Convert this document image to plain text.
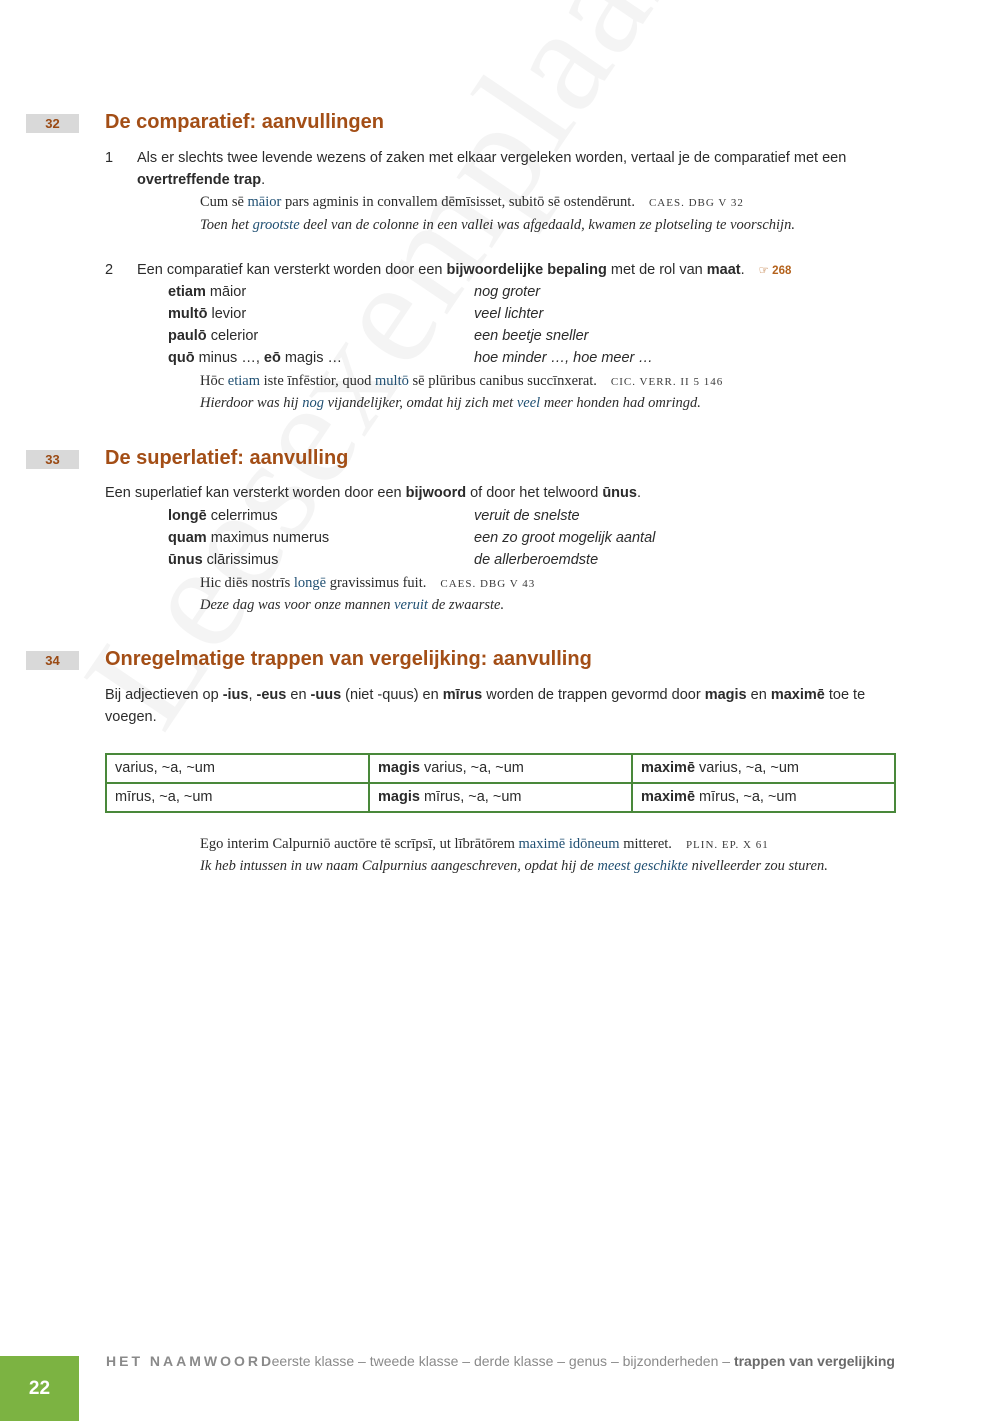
32	De comparatief: aanvullingen
1 Als er slechts twee levende wezens of zaken met elkaar vergeleken worden, vertaal je de comparatief met een
overtreffende trap.
Cum sē māior pars agminis in convallem dēmīsisset, subitō sē ostendērunt. CAES. DBG V 32
Toen het grootste deel van de colonne in een vallei was afgedaald, kwamen ze plotseling te voorschijn.
2 Een comparatief kan versterkt worden door een bijwoordelijke bepaling met de rol van maat. ☞ 268
etiam māior	nog groter
multō levior	veel lichter
paulō celerior	een beetje sneller
quō minus …, eō magis …	hoe minder …, hoe meer …
Hōc etiam iste īnfēstior, quod multō sē plūribus canibus succīnxerat. CIC. VERR. II 5 146
Hierdoor was hij nog vijandelijker, omdat hij zich met veel meer honden had omringd.
33	De superlatief: aanvulling
Een superlatief kan versterkt worden door een bijwoord of door het telwoord ūnus.
longē celerrimus	veruit de snelste
quam maximus numerus	een zo groot mogelijk aantal
ūnus clārissimus	de allerberoemdste
Hic diēs nostrīs longē gravissimus fuit. CAES. DBG V 43
Deze dag was voor onze mannen veruit de zwaarste.
34	Onregelmatige trappen van vergelijking: aanvulling
Bij adjectieven op -ius, -eus en -uus (niet -quus) en mīrus worden de trappen gevormd door magis en maximē toe te
voegen.
varius, ~a, ~um	magis varius, ~a, ~um	maximē varius, ~a, ~um
mīrus, ~a, ~um	magis mīrus, ~a, ~um	maximē mīrus, ~a, ~um
Ego interim Calpurniō auctōre tē scrīpsī, ut lībrātōrem maximē idōneum mitteret. PLIN. EP. X 61
Ik heb intussen in uw naam Calpurnius aangeschreven, opdat hij de meest geschikte nivelleerder zou sturen.
22
HET NAAMWOORD
eerste klasse – tweede klasse – derde klasse – genus – bijzonderheden – trappen van vergelijking
